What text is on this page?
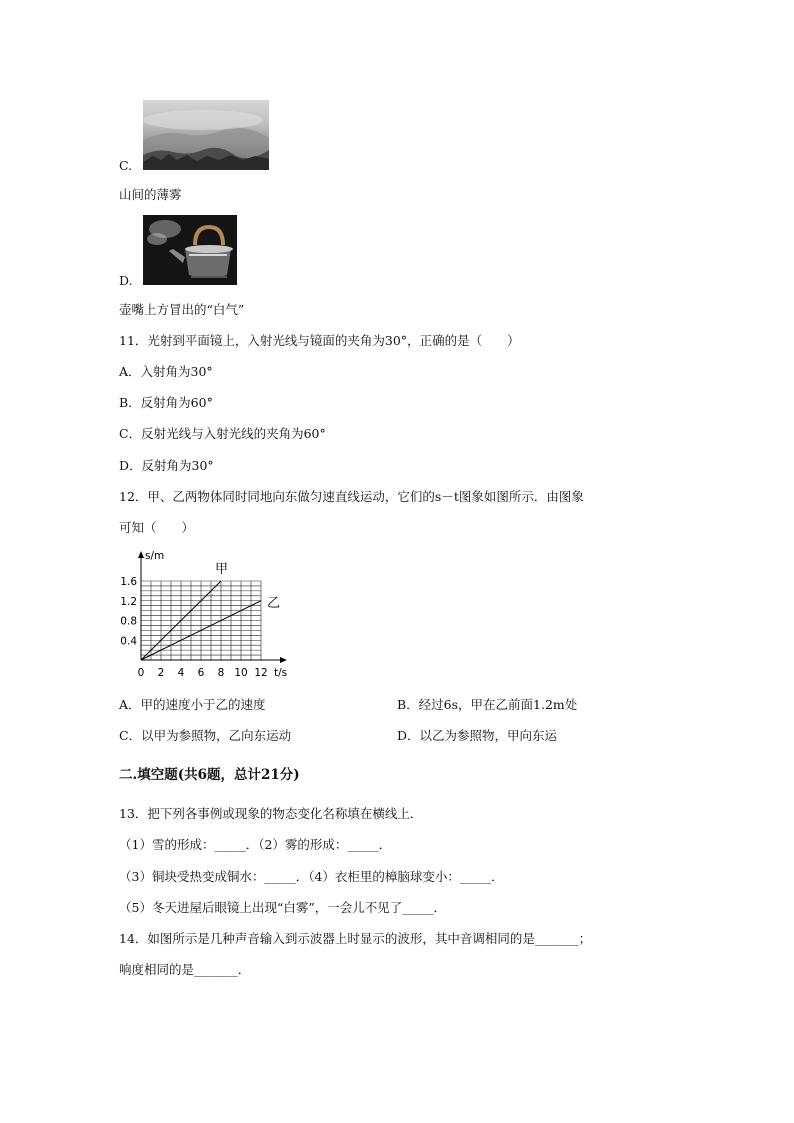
C.
山间的薄雾
D.
壶嘴上方冒出的“白气”
11．光射到平面镜上，入射光线与镜面的夹角为30°，正确的是（　　）
A．入射角为30°
B．反射角为60°
C．反射光线与入射光线的夹角为60°
D．反射角为30°
12．甲、乙两物体同时同地向东做匀速直线运动，它们的s－t图象如图所示．由图象
可知（　　）
甲
乙
0 2 4 6 8 10 12
0.4
0.8
1.2
1.6
s/m
t/s
A．甲的速度小于乙的速度	B．经过6s，甲在乙前面1.2m处
C．以甲为参照物，乙向东运动	D．以乙为参照物，甲向东运
二.填空题(共6题，总计21分)
13．把下列各事例或现象的物态变化名称填在横线上．
（1）雪的形成：_____．（2）雾的形成：_____．
（3）铜块受热变成铜水：_____．（4）衣柜里的樟脑球变小：_____．
（5）冬天进屋后眼镜上出现“白雾”，一会儿不见了_____．
14．如图所示是几种声音输入到示波器上时显示的波形，其中音调相同的是_______；
响度相同的是_______．
